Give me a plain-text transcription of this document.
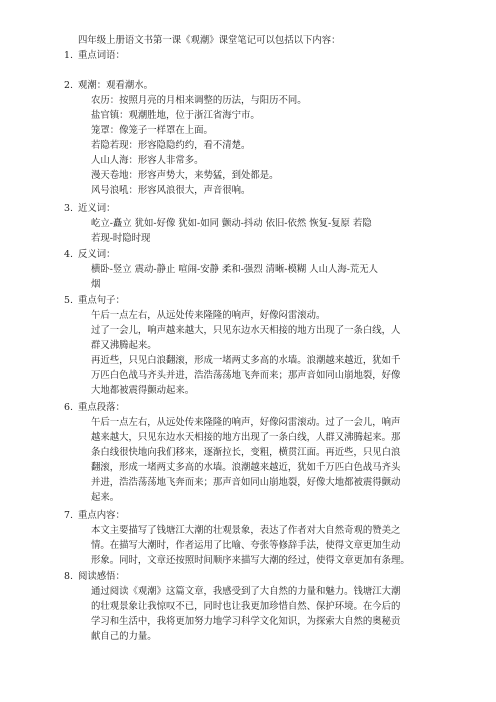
四年级上册语文书第一课《观潮》课堂笔记可以包括以下内容：
1. 重点词语：
2. 观潮：观看潮水。
农历：按照月亮的月相来调整的历法，与阳历不同。
盐官镇：观潮胜地，位于浙江省海宁市。
笼罩：像笼子一样罩在上面。
若隐若现：形容隐隐约约，看不清楚。
人山人海：形容人非常多。
漫天卷地：形容声势大，来势猛，到处都是。
风号浪吼：形容风浪很大，声音很响。
3. 近义词：
屹立-矗立 犹如-好像 犹如-如同 颤动-抖动 依旧-依然 恢复-复原 若隐
若现-时隐时现
4. 反义词：
横卧-竖立 震动-静止 喧闹-安静 柔和-强烈 清晰-模糊 人山人海-荒无人
烟
5. 重点句子：
午后一点左右，从远处传来隆隆的响声，好像闷雷滚动。
过了一会儿，响声越来越大，只见东边水天相接的地方出现了一条白线，人
群又沸腾起来。
再近些，只见白浪翻滚，形成一堵两丈多高的水墙。浪潮越来越近，犹如千
万匹白色战马齐头并进，浩浩荡荡地飞奔而来；那声音如同山崩地裂，好像
大地都被震得颤动起来。
6. 重点段落：
午后一点左右，从远处传来隆隆的响声，好像闷雷滚动。过了一会儿，响声
越来越大，只见东边水天相接的地方出现了一条白线，人群又沸腾起来。那
条白线很快地向我们移来，逐渐拉长，变粗，横贯江面。再近些，只见白浪
翻滚，形成一堵两丈多高的水墙。浪潮越来越近，犹如千万匹白色战马齐头
并进，浩浩荡荡地飞奔而来；那声音如同山崩地裂，好像大地都被震得颤动
起来。
7. 重点内容：
本文主要描写了钱塘江大潮的壮观景象，表达了作者对大自然奇观的赞美之
情。在描写大潮时，作者运用了比喻、夸张等修辞手法，使得文章更加生动
形象。同时，文章还按照时间顺序来描写大潮的经过，使得文章更加有条理。
8. 阅读感悟：
通过阅读《观潮》这篇文章，我感受到了大自然的力量和魅力。钱塘江大潮
的壮观景象让我惊叹不已，同时也让我更加珍惜自然、保护环境。在今后的
学习和生活中，我将更加努力地学习科学文化知识，为探索大自然的奥秘贡
献自己的力量。
